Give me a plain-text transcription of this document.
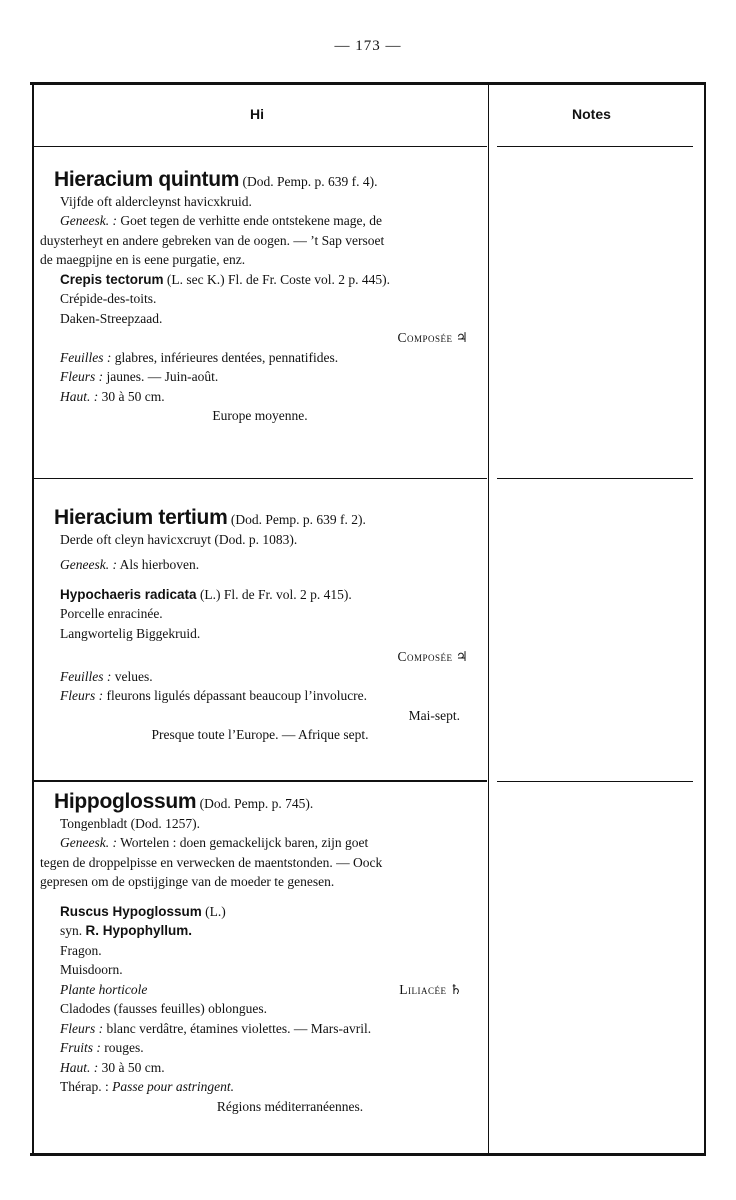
— 173 —
Hi	Notes
Hieracium quintum (Dod. Pemp. p. 639 f. 4).
Vijfde oft aldercleynst havicxkruid.
Geneesk. : Goet tegen de verhitte ende ontstekene mage, de
duysterheyt en andere gebreken van de oogen. — ’t Sap versoet
de maegpijne en is eene purgatie, enz.
Crepis tectorum (L. sec K.) Fl. de Fr. Coste vol. 2 p. 445).
Crépide-des-toits.
Daken-Streepzaad.
Composée ♃
Feuilles : glabres, inférieures dentées, pennatifides.
Fleurs : jaunes. — Juin-août.
Haut. : 30 à 50 cm.
Europe moyenne.
Hieracium tertium (Dod. Pemp. p. 639 f. 2).
Derde oft cleyn havicxcruyt (Dod. p. 1083).
Geneesk. : Als hierboven.
Hypochaeris radicata (L.) Fl. de Fr. vol. 2 p. 415).
Porcelle enracinée.
Langwortelig Biggekruid.
Composée ♃
Feuilles : velues.
Fleurs : fleurons ligulés dépassant beaucoup l’involucre.
Mai-sept.
Presque toute l’Europe. — Afrique sept.
Hippoglossum (Dod. Pemp. p. 745).
Tongenbladt (Dod. 1257).
Geneesk. : Wortelen : doen gemackelijck baren, zijn goet
tegen de droppelpisse en verwecken de maentstonden. — Oock
gepresen om de opstijginge van de moeder te genesen.
Ruscus Hypoglossum (L.)
syn. R. Hypophyllum.
Fragon.
Muisdoorn.
Plante horticole	Liliacée ♄
Cladodes (fausses feuilles) oblongues.
Fleurs : blanc verdâtre, étamines violettes. — Mars-avril.
Fruits : rouges.
Haut. : 30 à 50 cm.
Thérap. : Passe pour astringent.
Régions méditerranéennes.
